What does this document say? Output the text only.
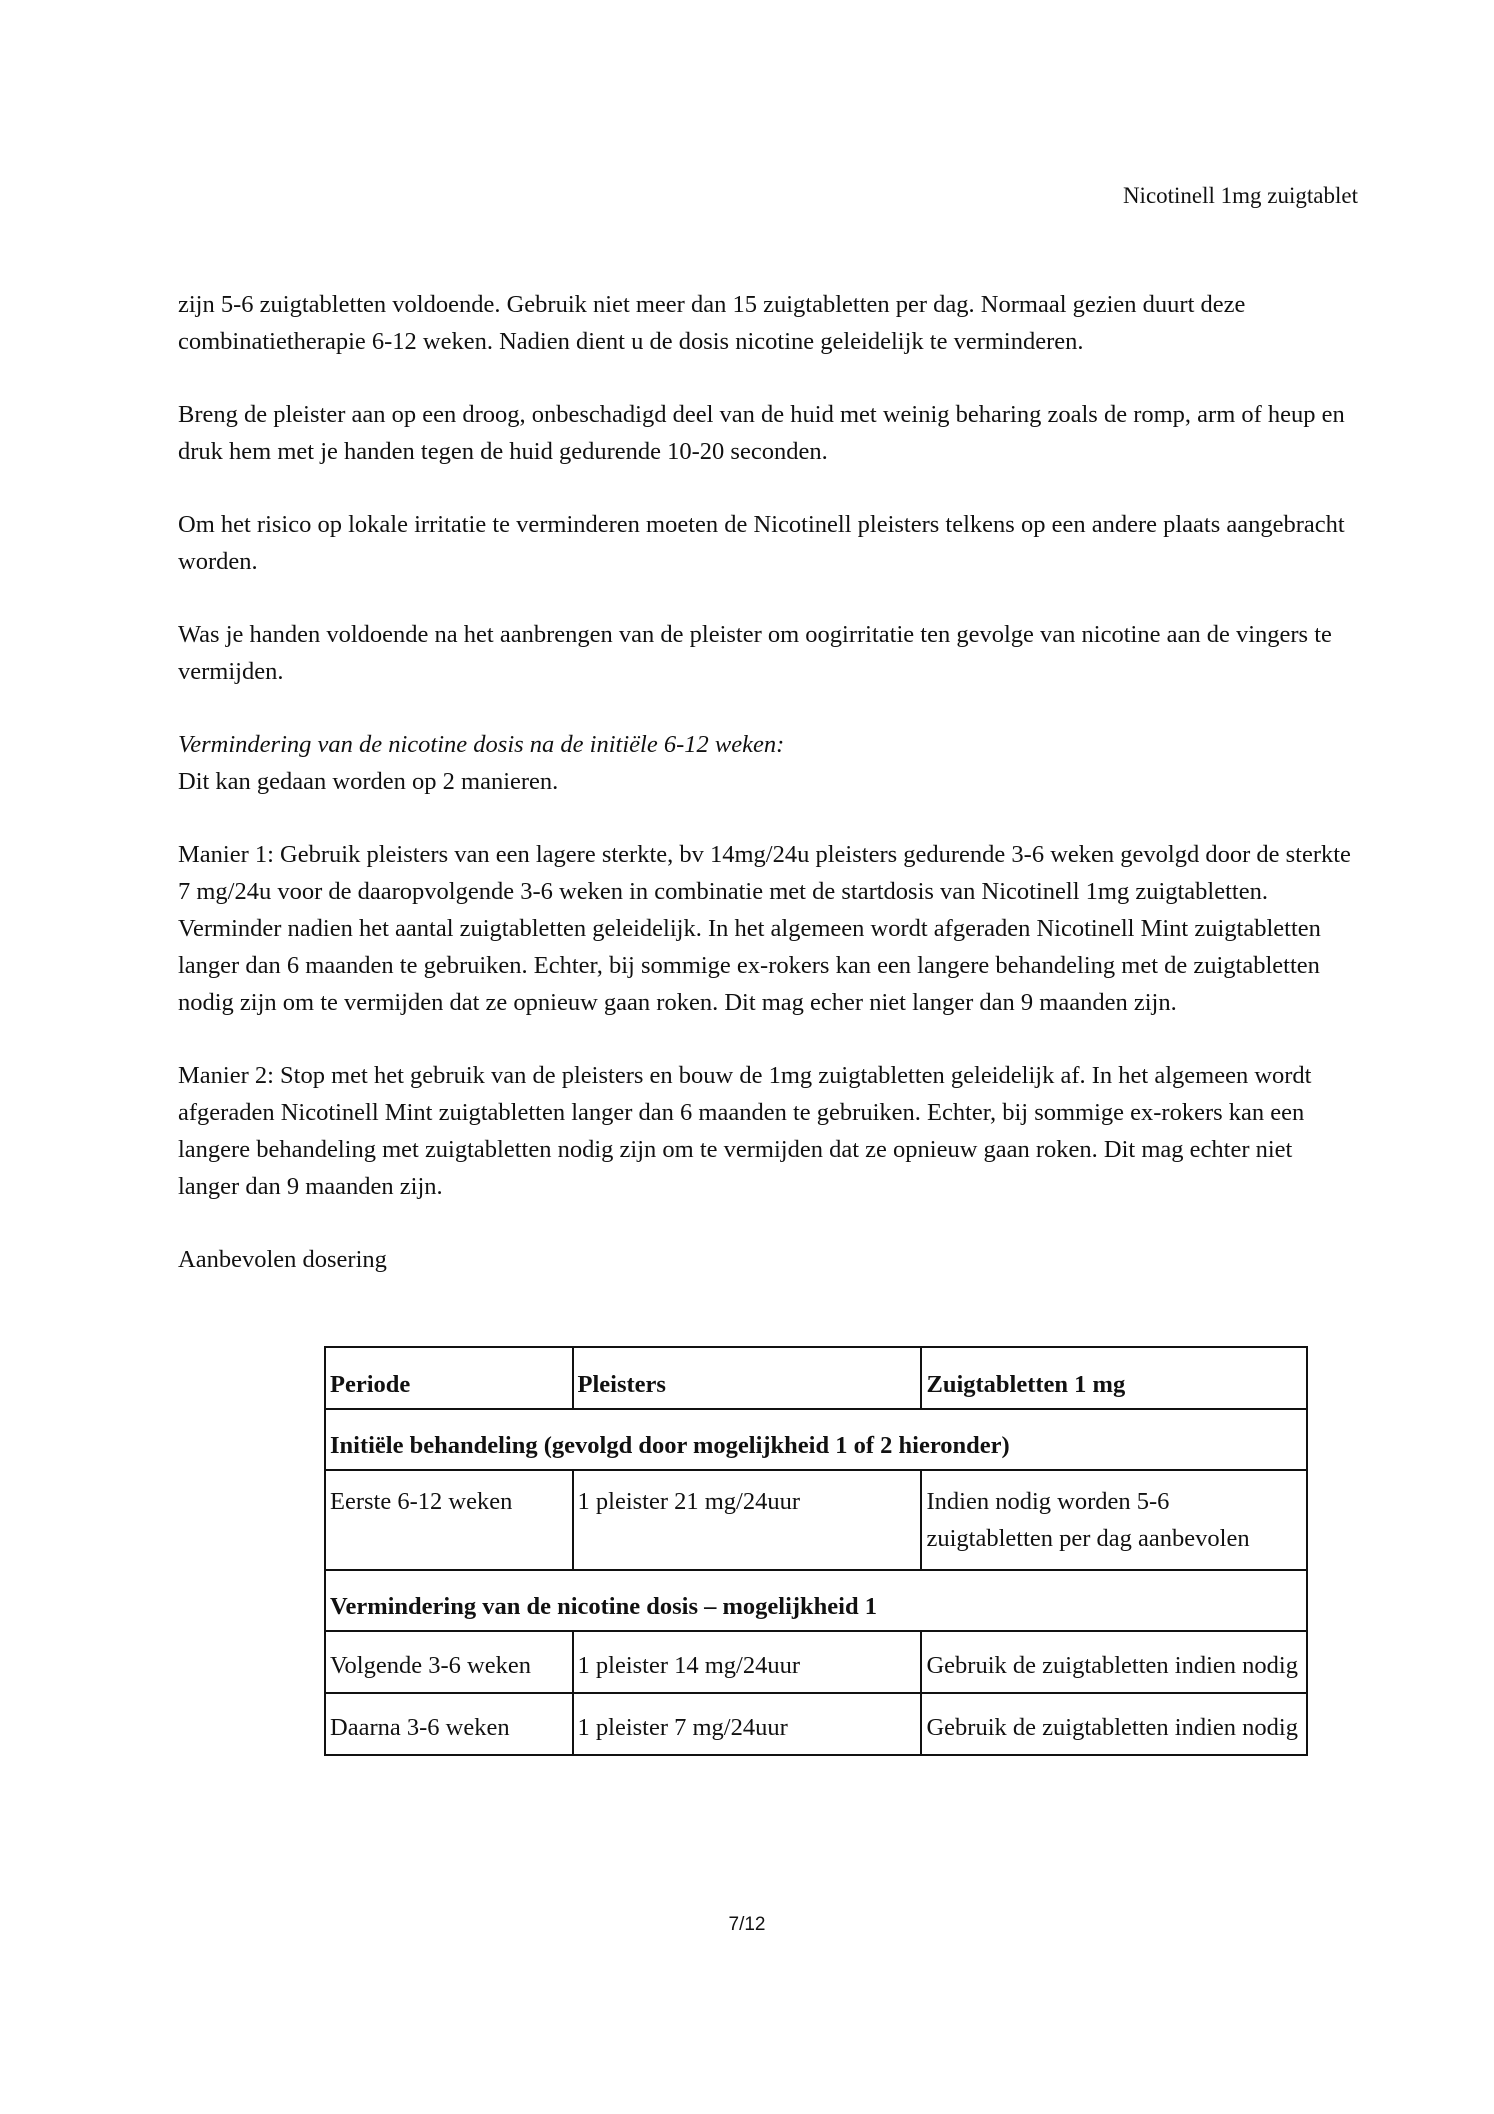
Nicotinell 1mg zuigtablet

zijn 5-6 zuigtabletten voldoende. Gebruik niet meer dan 15 zuigtabletten per dag. Normaal gezien duurt deze combinatietherapie 6-12 weken. Nadien dient u de dosis nicotine geleidelijk te verminderen.

Breng de pleister aan op een droog, onbeschadigd deel van de huid met weinig beharing zoals de romp, arm of heup en druk hem met je handen tegen de huid gedurende 10-20 seconden.

Om het risico op lokale irritatie te verminderen moeten de Nicotinell pleisters telkens op een andere plaats aangebracht worden.

Was je handen voldoende na het aanbrengen van de pleister om oogirritatie ten gevolge van nicotine aan de vingers te vermijden.

Vermindering van de nicotine dosis na de initiële 6-12 weken:

Dit kan gedaan worden op 2 manieren.

Manier 1: Gebruik pleisters van een lagere sterkte, bv 14mg/24u pleisters gedurende 3-6 weken gevolgd door de sterkte 7 mg/24u voor de daaropvolgende 3-6 weken in combinatie met de startdosis van Nicotinell 1mg zuigtabletten. Verminder nadien het aantal zuigtabletten geleidelijk. In het algemeen wordt afgeraden Nicotinell Mint zuigtabletten langer dan 6 maanden te gebruiken. Echter, bij sommige ex-rokers kan een langere behandeling met de zuigtabletten nodig zijn om te vermijden dat ze opnieuw gaan roken. Dit mag echer niet langer dan 9 maanden zijn.

Manier 2: Stop met het gebruik van de pleisters en bouw de 1mg zuigtabletten geleidelijk af. In het algemeen wordt afgeraden Nicotinell Mint zuigtabletten langer dan 6 maanden te gebruiken. Echter, bij sommige ex-rokers kan een langere behandeling met zuigtabletten nodig zijn om te vermijden dat ze opnieuw gaan roken. Dit mag echter niet langer dan 9 maanden zijn.

Aanbevolen dosering

Periode	Pleisters	Zuigtabletten 1 mg
Initiële behandeling (gevolgd door mogelijkheid 1 of 2 hieronder)		
Eerste 6-12 weken	1 pleister 21 mg/24uur	Indien nodig worden 5-6 zuigtabletten per dag aanbevolen
Vermindering van de nicotine dosis – mogelijkheid 1		
Volgende 3-6 weken	1 pleister 14 mg/24uur	Gebruik de zuigtabletten indien nodig
Daarna 3-6 weken	1 pleister 7 mg/24uur	Gebruik de zuigtabletten indien nodig
7/12
